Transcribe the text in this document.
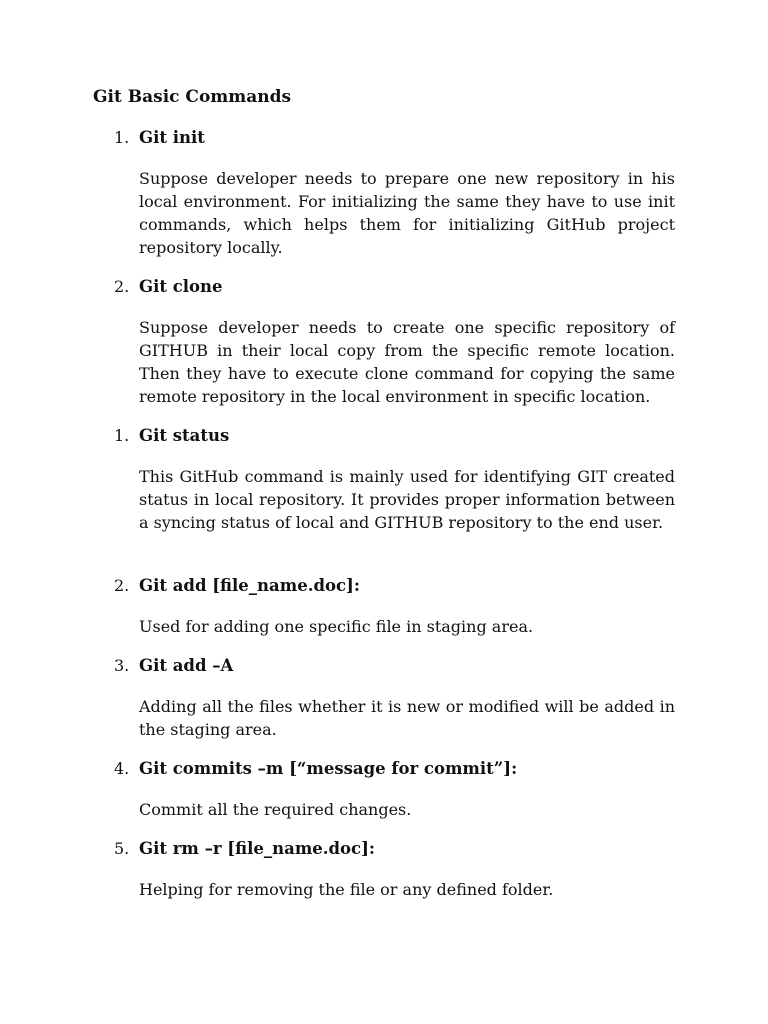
Git Basic Commands
1. Git init

Suppose developer needs to prepare one new repository in his local environment. For initializing the same they have to use init commands, which helps them for initializing GitHub project repository locally.

2. Git clone

Suppose developer needs to create one specific repository of GITHUB in their local copy from the specific remote location. Then they have to execute clone command for copying the same remote repository in the local environment in specific location.

1. Git status

This GitHub command is mainly used for identifying GIT created status in local repository. It provides proper information between a syncing status of local and GITHUB repository to the end user.

2. Git add [file_name.doc]:

Used for adding one specific file in staging area.

3. Git add –A

Adding all the files whether it is new or modified will be added in the staging area.

4. Git commits –m [“message for commit”]:

Commit all the required changes.

5. Git rm –r [file_name.doc]:

Helping for removing the file or any defined folder.
